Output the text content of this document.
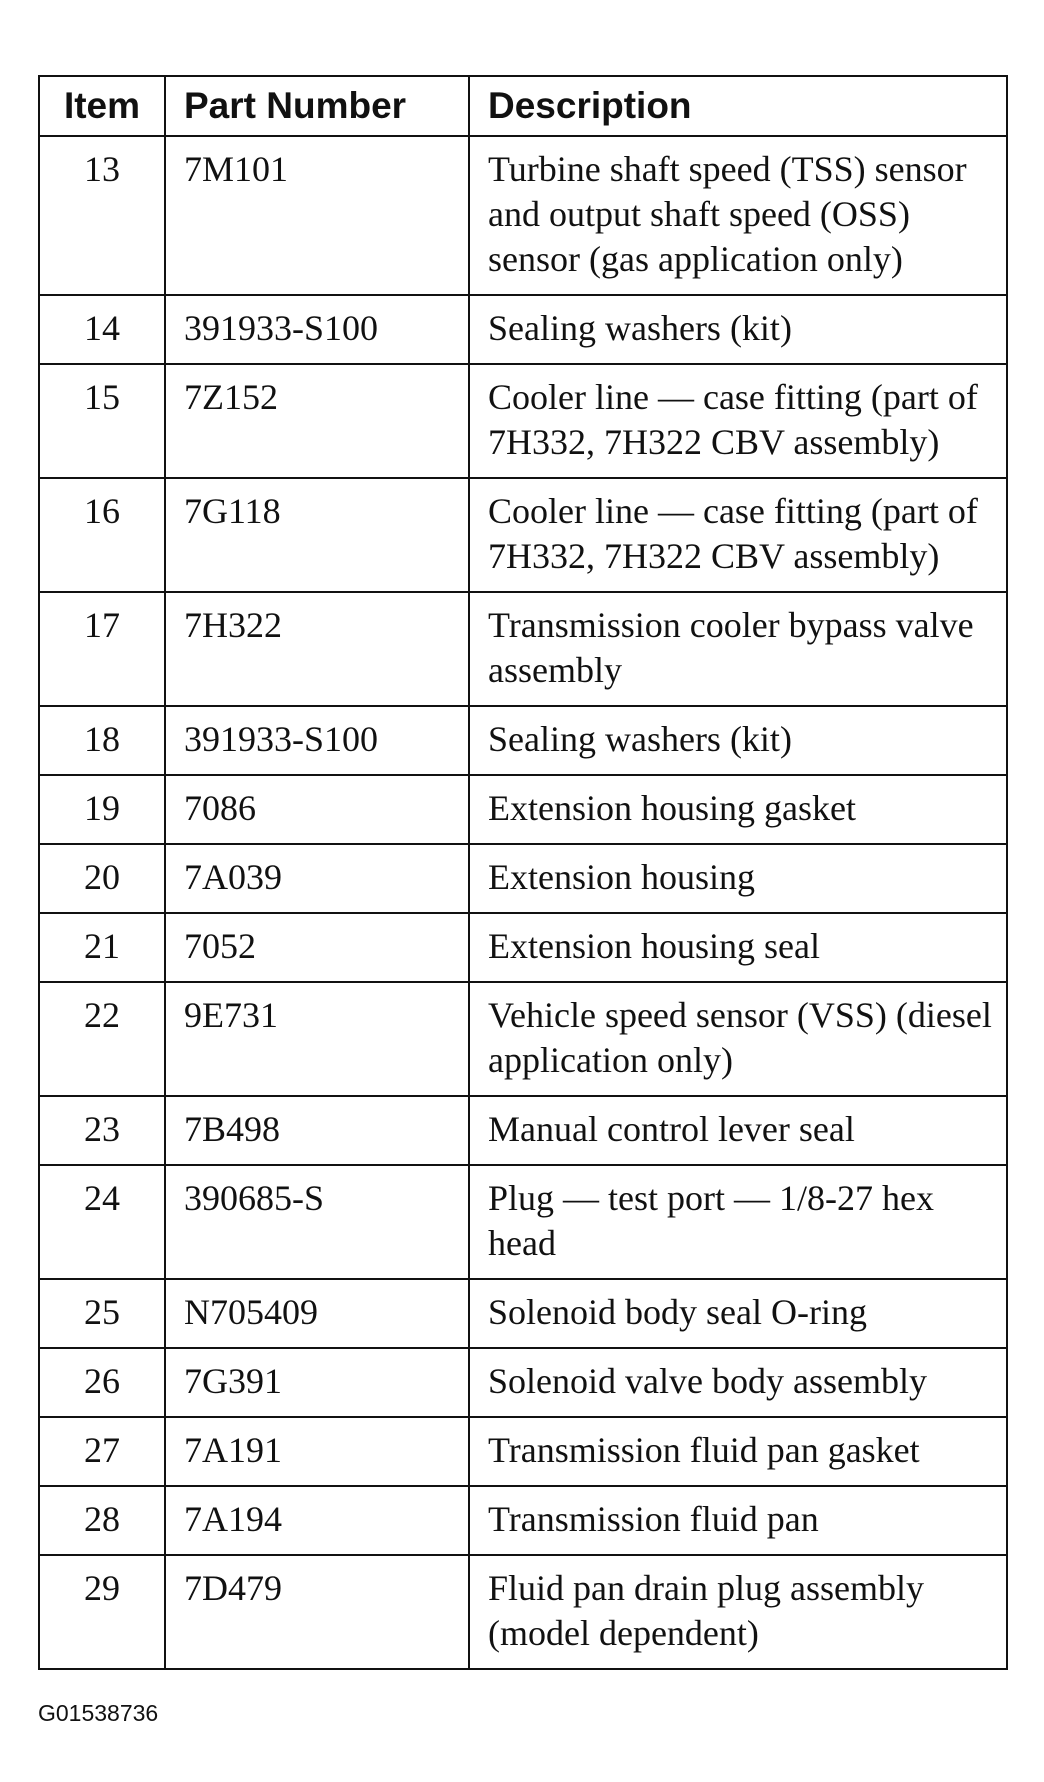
Item	Part Number	Description
13	7M101	Turbine shaft speed (TSS) sensor and output shaft speed (OSS) sensor (gas application only)
14	391933-S100	Sealing washers (kit)
15	7Z152	Cooler line — case fitting (part of 7H332, 7H322 CBV assembly)
16	7G118	Cooler line — case fitting (part of 7H332, 7H322 CBV assembly)
17	7H322	Transmission cooler bypass valve assembly
18	391933-S100	Sealing washers (kit)
19	7086	Extension housing gasket
20	7A039	Extension housing
21	7052	Extension housing seal
22	9E731	Vehicle speed sensor (VSS) (diesel application only)
23	7B498	Manual control lever seal
24	390685-S	Plug — test port — 1/8-27 hex head
25	N705409	Solenoid body seal O-ring
26	7G391	Solenoid valve body assembly
27	7A191	Transmission fluid pan gasket
28	7A194	Transmission fluid pan
29	7D479	Fluid pan drain plug assembly (model dependent)
G01538736
